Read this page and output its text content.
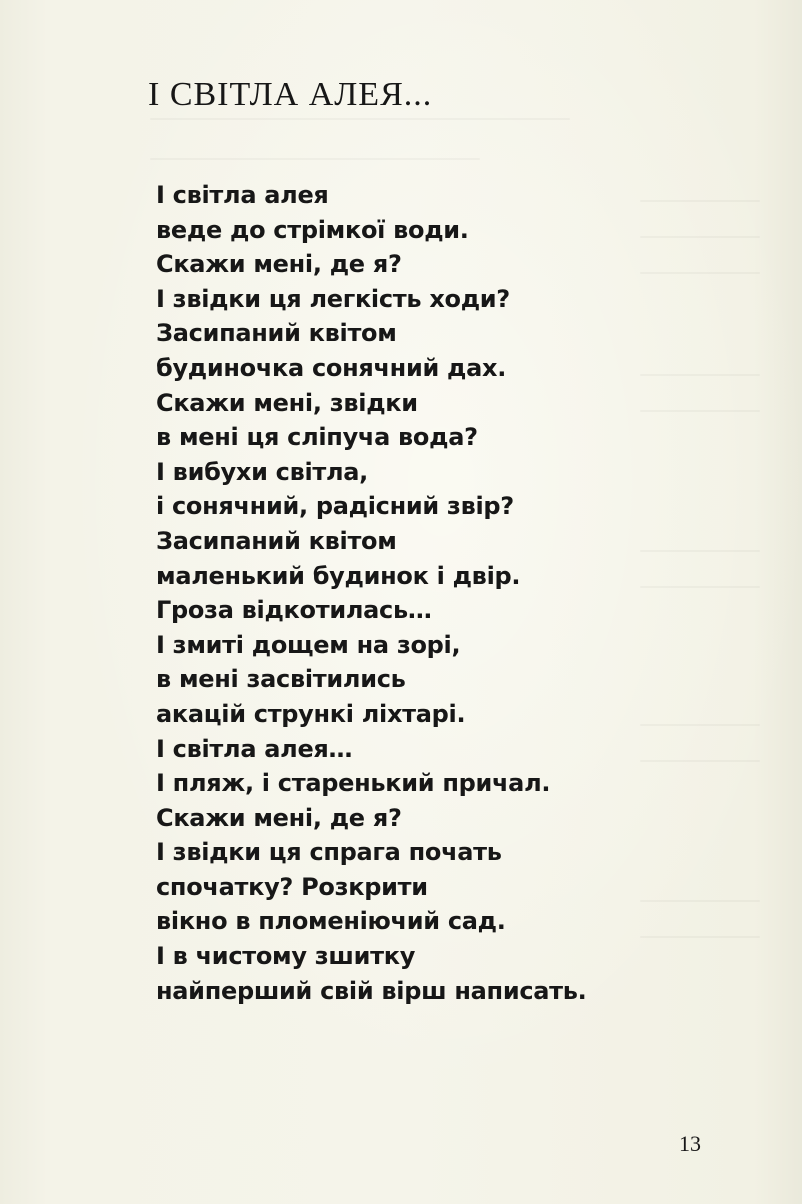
І СВІТЛА АЛЕЯ...
І світла алея
веде до стрімкої води.
Скажи мені, де я?
І звідки ця легкість ходи?
Засипаний квітом
будиночка сонячний дах.
Скажи мені, звідки
в мені ця сліпуча вода?
І вибухи світла,
і сонячний, радісний звір?
Засипаний квітом
маленький будинок і двір.
Гроза відкотилась…
І змиті дощем на зорі,
в мені засвітились
акацій стрункі ліхтарі.
І світла алея…
І пляж, і старенький причал.
Скажи мені, де я?
І звідки ця спрага почать
спочатку? Розкрити
вікно в пломеніючий сад.
І в чистому зшитку
найперший свій вірш написать.
13
